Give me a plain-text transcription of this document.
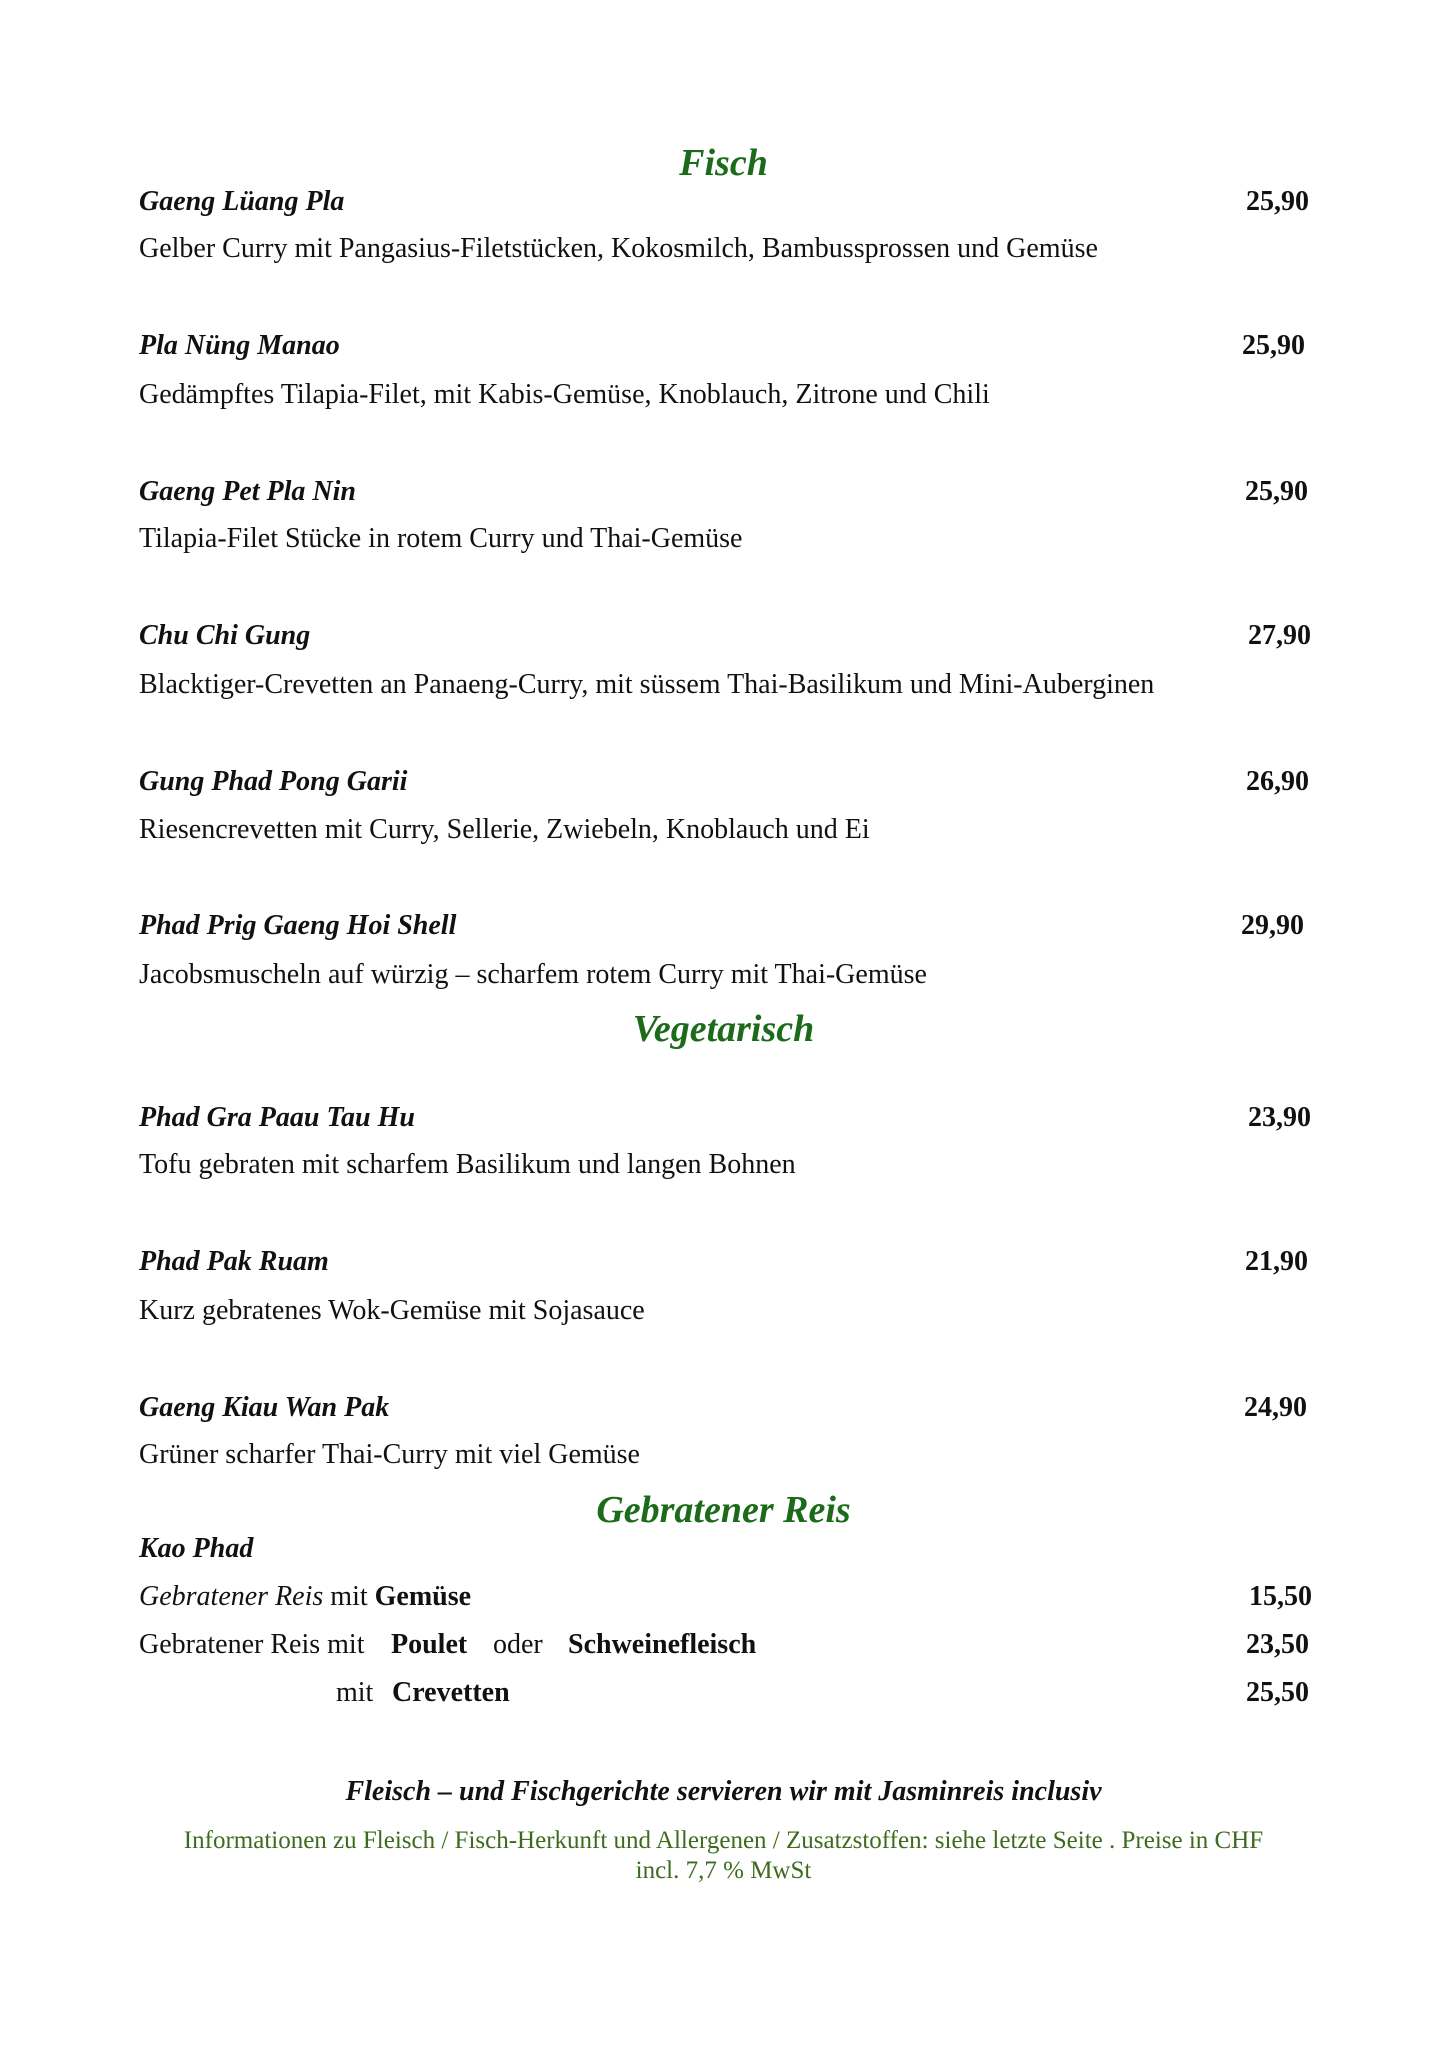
Fisch
Gaeng Lüang Pla	25,90
Gelber Curry mit Pangasius-Filetstücken, Kokosmilch, Bambussprossen und Gemüse
Pla Nüng Manao	25,90
Gedämpftes Tilapia-Filet, mit Kabis-Gemüse, Knoblauch, Zitrone und Chili
Gaeng Pet Pla Nin	25,90
Tilapia-Filet Stücke in rotem Curry und Thai-Gemüse
Chu Chi Gung	27,90
Blacktiger-Crevetten an Panaeng-Curry, mit süssem Thai-Basilikum und Mini-Auberginen
Gung Phad Pong Garii	26,90
Riesencrevetten mit Curry, Sellerie, Zwiebeln, Knoblauch und Ei
Phad Prig Gaeng Hoi Shell	29,90
Jacobsmuscheln auf würzig – scharfem rotem Curry mit Thai-Gemüse
Vegetarisch
Phad Gra Paau Tau Hu	23,90
Tofu gebraten mit scharfem Basilikum und langen Bohnen
Phad Pak Ruam	21,90
Kurz gebratenes Wok-Gemüse mit Sojasauce
Gaeng Kiau Wan Pak	24,90
Grüner scharfer Thai-Curry mit viel Gemüse
Gebratener Reis
Kao Phad
Gebratener Reis mit Gemüse	15,50
Gebratener Reis mit Poulet oder Schweinefleisch	23,50
mit Crevetten	25,50
Fleisch – und Fischgerichte servieren wir mit Jasminreis inclusiv
Informationen zu Fleisch / Fisch-Herkunft und Allergenen / Zusatzstoffen: siehe letzte Seite . Preise in CHF
incl. 7,7 % MwSt
